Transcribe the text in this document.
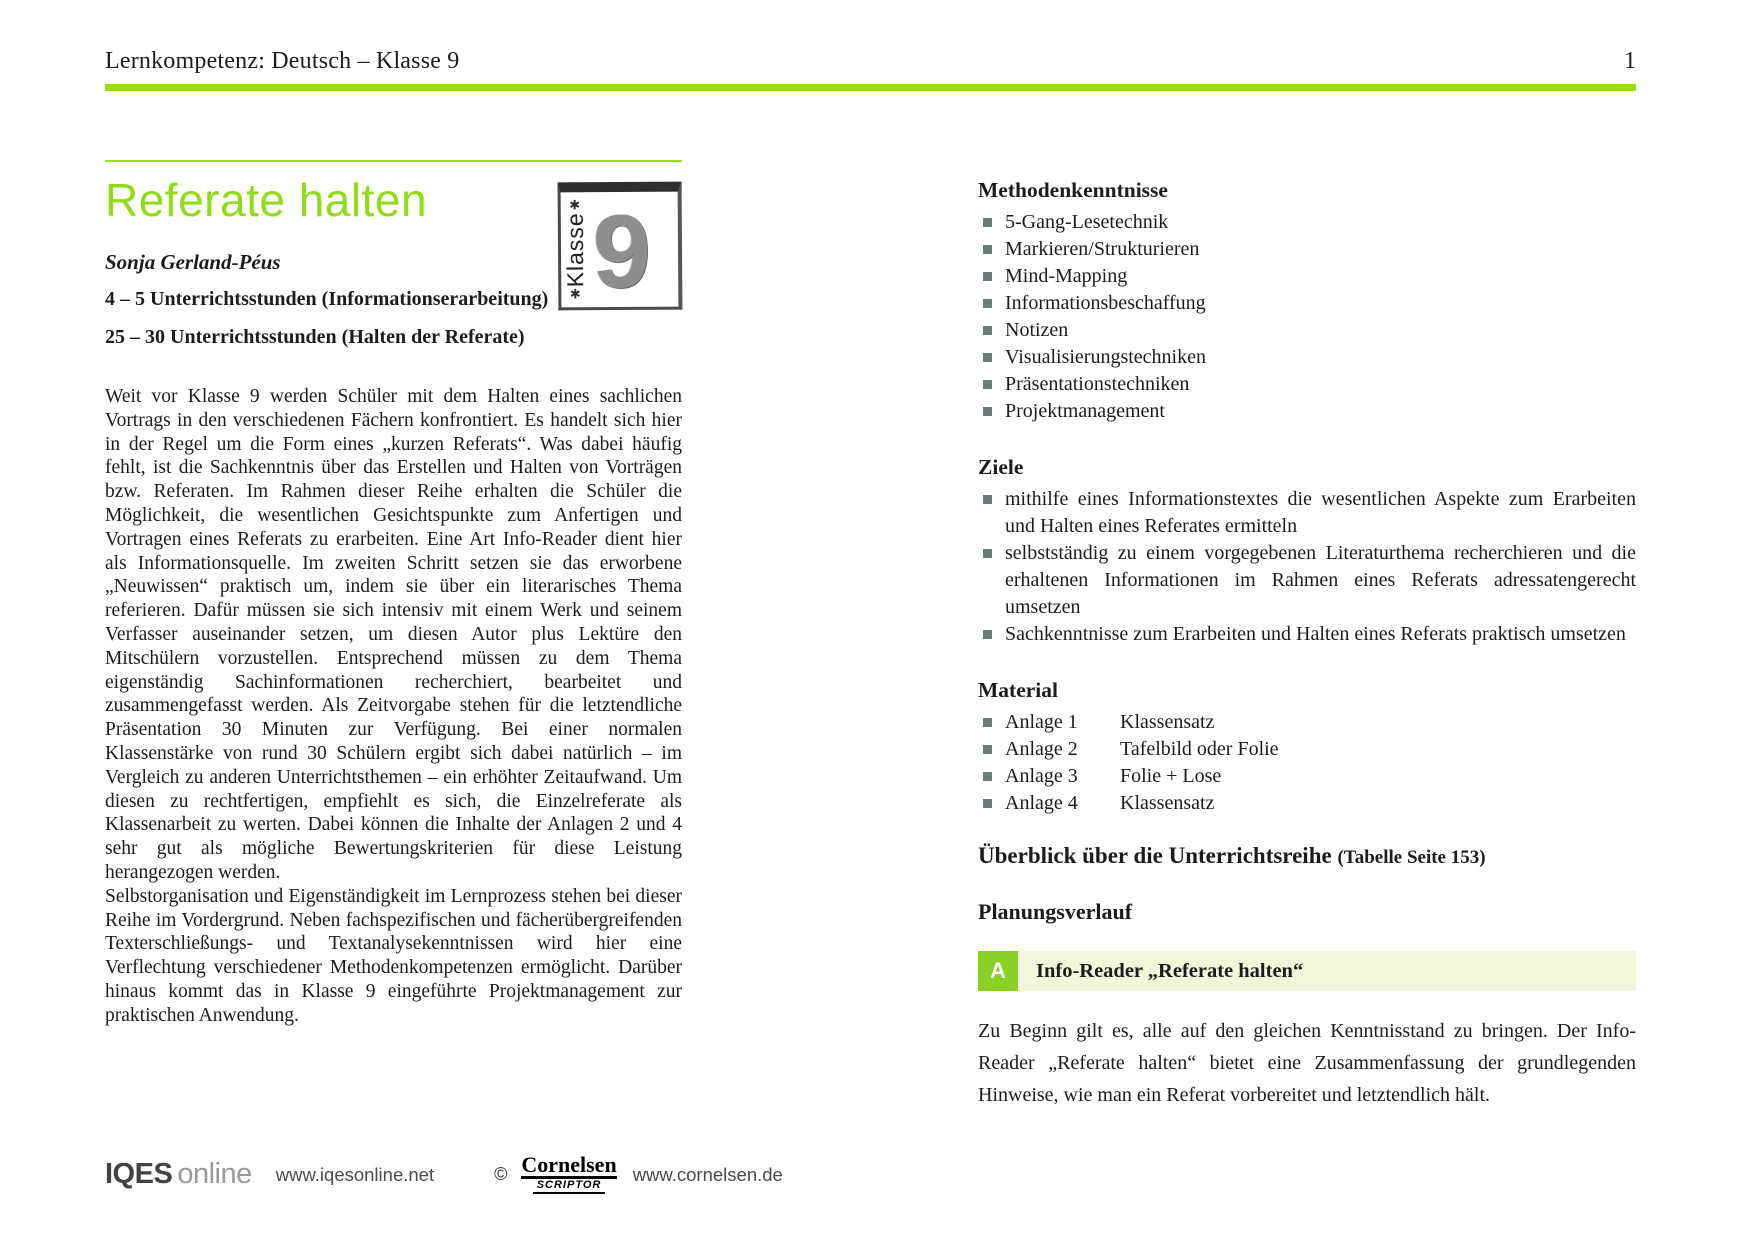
Lernkompetenz: Deutsch – Klasse 9	1
Referate halten

Sonja Gerland-Péus

4 – 5 Unterrichtsstunden (Informationserarbeitung)

25 – 30 Unterrichtsstunden (Halten der Referate)

✱
Klasse
✱ 9

Weit vor Klasse 9 werden Schüler mit dem Halten eines sachlichen Vortrags in den verschiedenen Fächern konfrontiert. Es handelt sich hier in der Regel um die Form eines „kurzen Referats“. Was dabei häufig fehlt, ist die Sachkenntnis über das Erstellen und Halten von Vorträgen bzw. Referaten. Im Rahmen dieser Reihe erhalten die Schüler die Möglichkeit, die wesentlichen Gesichtspunkte zum Anfertigen und Vortragen eines Referats zu erarbeiten. Eine Art Info-Reader dient hier als Informationsquelle. Im zweiten Schritt setzen sie das erworbene „Neuwissen“ praktisch um, indem sie über ein literarisches Thema referieren. Dafür müssen sie sich intensiv mit einem Werk und seinem Verfasser auseinander setzen, um diesen Autor plus Lektüre den Mitschülern vorzustellen. Entsprechend müssen zu dem Thema eigenständig Sachinformationen recherchiert, bearbeitet und zusammengefasst werden. Als Zeitvorgabe stehen für die letztendliche Präsentation 30 Minuten zur Verfügung. Bei einer normalen Klassenstärke von rund 30 Schülern ergibt sich dabei natürlich – im Vergleich zu anderen Unterrichtsthemen – ein erhöhter Zeitaufwand. Um diesen zu rechtfertigen, empfiehlt es sich, die Einzelreferate als Klassenarbeit zu werten. Dabei können die Inhalte der Anlagen 2 und 4 sehr gut als mögliche Bewertungskriterien für diese Leistung herangezogen werden.

Selbstorganisation und Eigenständigkeit im Lernprozess stehen bei dieser Reihe im Vordergrund. Neben fachspezifischen und fächerübergreifenden Texterschließungs- und Textanalysekenntnissen wird hier eine Verflechtung verschiedener Methodenkompetenzen ermöglicht. Darüber hinaus kommt das in Klasse 9 eingeführte Projektmanagement zur praktischen Anwendung.

Methodenkenntnisse
5-Gang-Lesetechnik
Markieren/Strukturieren
Mind-Mapping
Informationsbeschaffung
Notizen
Visualisierungstechniken
Präsentationstechniken
Projektmanagement
Ziele
mithilfe eines Informationstextes die wesentlichen Aspekte zum Erarbeiten und Halten eines Referates ermitteln
selbstständig zu einem vorgegebenen Literaturthema recherchieren und die erhaltenen Informationen im Rahmen eines Referats adressatengerecht umsetzen
Sachkenntnisse zum Erarbeiten und Halten eines Referats praktisch umsetzen
Material
Anlage 1	Klassensatz
Anlage 2	Tafelbild oder Folie
Anlage 3	Folie + Lose
Anlage 4	Klassensatz
Überblick über die Unterrichtsreihe (Tabelle Seite 153)
Planungsverlauf
A	Info-Reader „Referate halten“

Zu Beginn gilt es, alle auf den gleichen Kenntnisstand zu bringen. Der Info-Reader „Referate halten“ bietet eine Zusammenfassung der grundlegenden Hinweise, wie man ein Referat vorbereitet und letztendlich hält.

IQES online www.iqesonline.net	© Cornelsen
SCRIPTOR
www.cornelsen.de
